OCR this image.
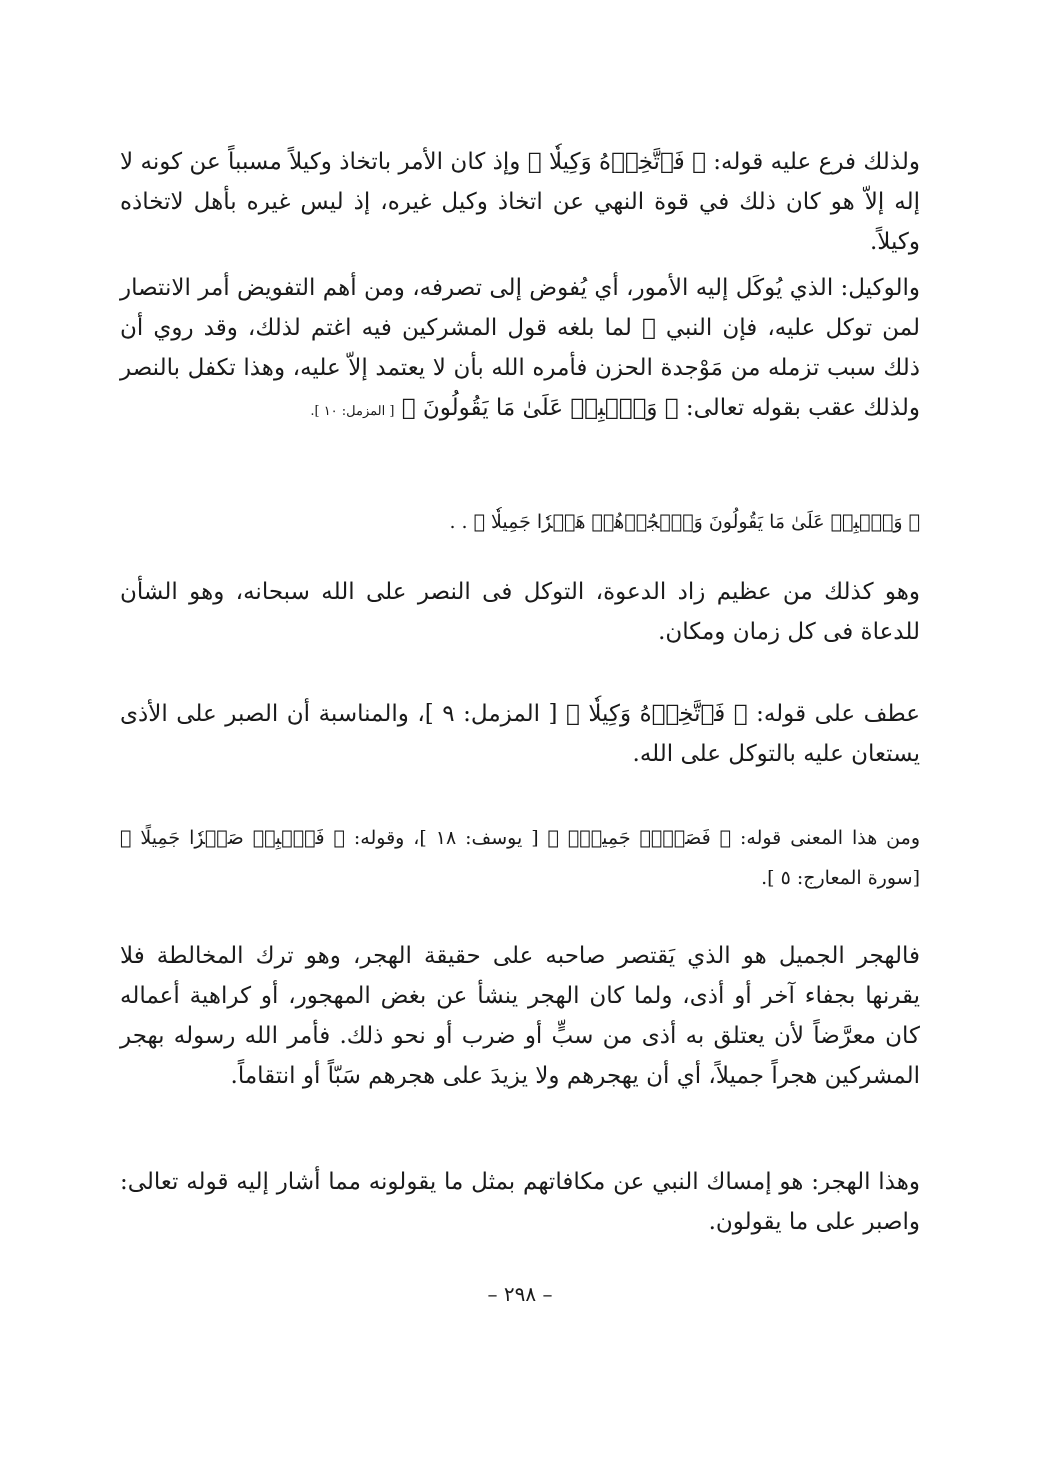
ولذلك فرع عليه قوله: ﴿ فَٱتَّخِذۡهُ وَكِيلٗا ﴾ وإذ كان الأمر باتخاذ وكيلاً مسبباً عن كونه لا إله إلاّ هو كان ذلك في قوة النهي عن اتخاذ وكيل غيره، إذ ليس غيره بأهل لاتخاذه وكيلاً.

والوكيل: الذي يُوكَل إليه الأمور، أي يُفوض إلى تصرفه، ومن أهم التفويض أمر الانتصار لمن توكل عليه، فإن النبي ﷺ لما بلغه قول المشركين فيه اغتم لذلك، وقد روي أن ذلك سبب تزمله من مَوْجدة الحزن فأمره الله بأن لا يعتمد إلاّ عليه، وهذا تكفل بالنصر ولذلك عقب بقوله تعالى: ﴿ وَٱصۡبِرۡ عَلَىٰ مَا يَقُولُونَ ﴾ [ المزمل: ١٠ ].

﴿ وَٱصۡبِرۡ عَلَىٰ مَا يَقُولُونَ وَٱهۡجُرۡهُمۡ هَجۡرٗا جَمِيلٗا ﴾ . .

وهو كذلك من عظيم زاد الدعوة، التوكل فى النصر على الله سبحانه، وهو الشأن للدعاة فى كل زمان ومكان.

عطف على قوله: ﴿ فَٱتَّخِذۡهُ وَكِيلٗا ﴾ [ المزمل: ٩ ]، والمناسبة أن الصبر على الأذى يستعان عليه بالتوكل على الله.

ومن هذا المعنى قوله: ﴿ فَصَبۡرٞ جَمِيلٞۖ ﴾ [ يوسف: ١٨ ]، وقوله: ﴿ فَٱصۡبِرۡ صَبۡرٗا جَمِيلًا ﴾ [سورة المعارج: ٥ ].

فالهجر الجميل هو الذي يَقتصر صاحبه على حقيقة الهجر، وهو ترك المخالطة فلا يقرنها بجفاء آخر أو أذى، ولما كان الهجر ينشأ عن بغض المهجور، أو كراهية أعماله كان معرَّضاً لأن يعتلق به أذى من سبٍّ أو ضرب أو نحو ذلك. فأمر الله رسوله بهجر المشركين هجراً جميلاً، أي أن يهجرهم ولا يزيدَ على هجرهم سَبّاً أو انتقاماً.

وهذا الهجر: هو إمساك النبي عن مكافاتهم بمثل ما يقولونه مما أشار إليه قوله تعالى: واصبر على ما يقولون.

– ٢٩٨ –
